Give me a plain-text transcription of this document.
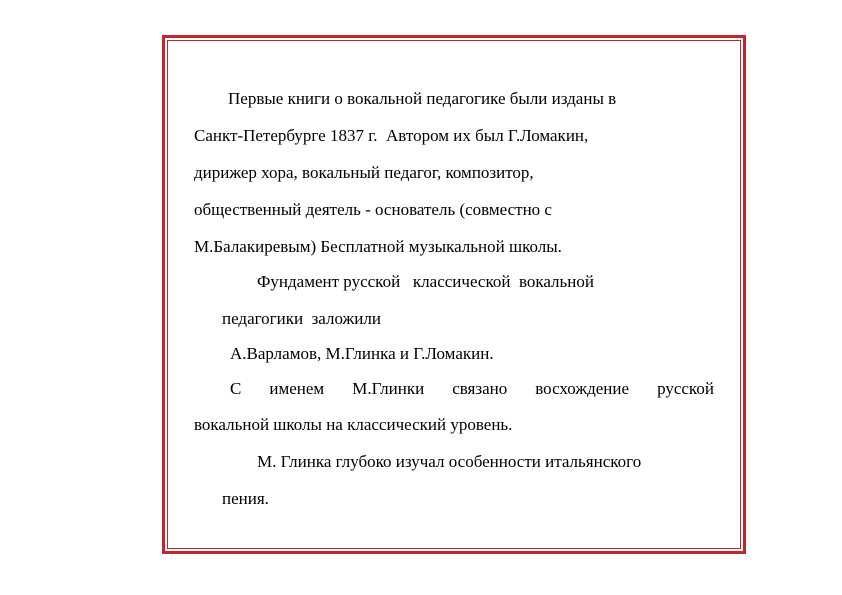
Первые книги о вокальной педагогике были изданы в
Санкт-Петербурге 1837 г.  Автором их был Г.Ломакин,
дирижер хора, вокальный педагог, композитор,
общественный деятель - основатель (совместно с
М.Балакиревым) Бесплатной музыкальной школы.
Фундамент русской   классической  вокальной
педагогики  заложили
А.Варламов, М.Глинка и Г.Ломакин.
С именем М.Глинки связано восхождение русской
вокальной школы на классический уровень.
М. Глинка глубоко изучал особенности итальянского
пения.
